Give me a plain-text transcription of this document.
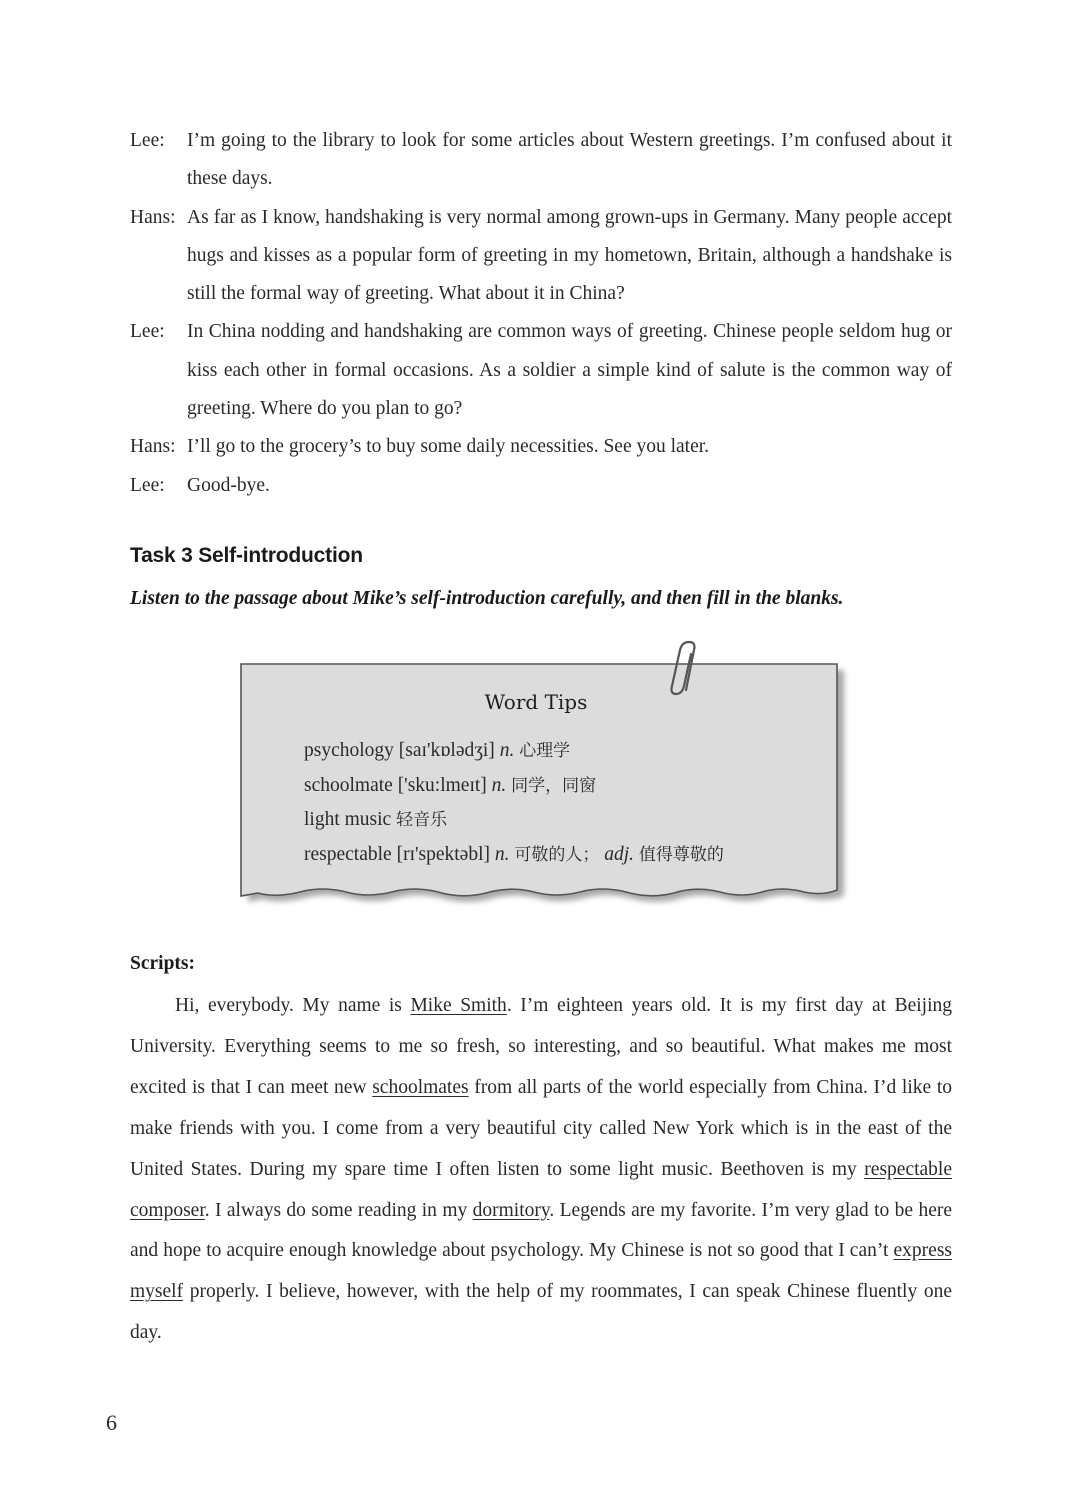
Lee:	I’m going to the library to look for some articles about Western greetings. I’m confused about it these days.
Hans: As far as I know, handshaking is very normal among grown-ups in Germany. Many people accept hugs and kisses as a popular form of greeting in my hometown, Britain, although a handshake is still the formal way of greeting. What about it in China?
Lee:	In China nodding and handshaking are common ways of greeting. Chinese people seldom hug or kiss each other in formal occasions. As a soldier a simple kind of salute is the common way of greeting. Where do you plan to go?
Hans: I’ll go to the grocery’s to buy some daily necessities. See you later.
Lee:	Good-bye.
Task 3 Self-introduction
Listen to the passage about Mike’s self-introduction carefully, and then fill in the blanks.
Word Tips
psychology [saɪ'kɒlədʒi] n. 心理学
schoolmate ['sku:lmeɪt] n. 同学，同窗
light music 轻音乐
respectable [rɪ'spektəbl] n. 可敬的人； adj. 值得尊敬的
Scripts:
Hi, everybody. My name is Mike Smith. I’m eighteen years old. It is my first day at Beijing University. Everything seems to me so fresh, so interesting, and so beautiful. What makes me most excited is that I can meet new schoolmates from all parts of the world especially from China. I’d like to make friends with you. I come from a very beautiful city called New York which is in the east of the United States. During my spare time I often listen to some light music. Beethoven is my respectable composer. I always do some reading in my dormitory. Legends are my favorite. I’m very glad to be here and hope to acquire enough knowledge about psychology. My Chinese is not so good that I can’t express myself properly. I believe, however, with the help of my roommates, I can speak Chinese fluently one day.
6
